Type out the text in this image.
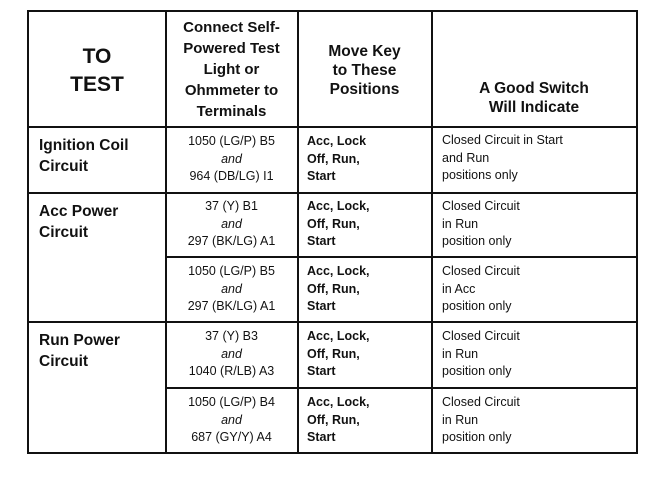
TO
TEST
Connect Self-
Powered Test
Light or
Ohmmeter to
Terminals
Move Key
to These
Positions	A Good Switch
Will Indicate
Ignition Coil
Circuit
Acc Power
Circuit
Run Power
Circuit
1050 (LG/P) B5
and
964 (DB/LG) I1
Acc, Lock
Off, Run,
Start
Closed Circuit in Start
and Run
positions only
37 (Y) B1
and
297 (BK/LG) A1
Acc, Lock,
Off, Run,
Start
Closed Circuit
in Run
position only
1050 (LG/P) B5
and
297 (BK/LG) A1
Acc, Lock,
Off, Run,
Start
Closed Circuit
in Acc
position only
37 (Y) B3
and
1040 (R/LB) A3
Acc, Lock,
Off, Run,
Start
Closed Circuit
in Run
position only
1050 (LG/P) B4
and
687 (GY/Y) A4
Acc, Lock,
Off, Run,
Start
Closed Circuit
in Run
position only
